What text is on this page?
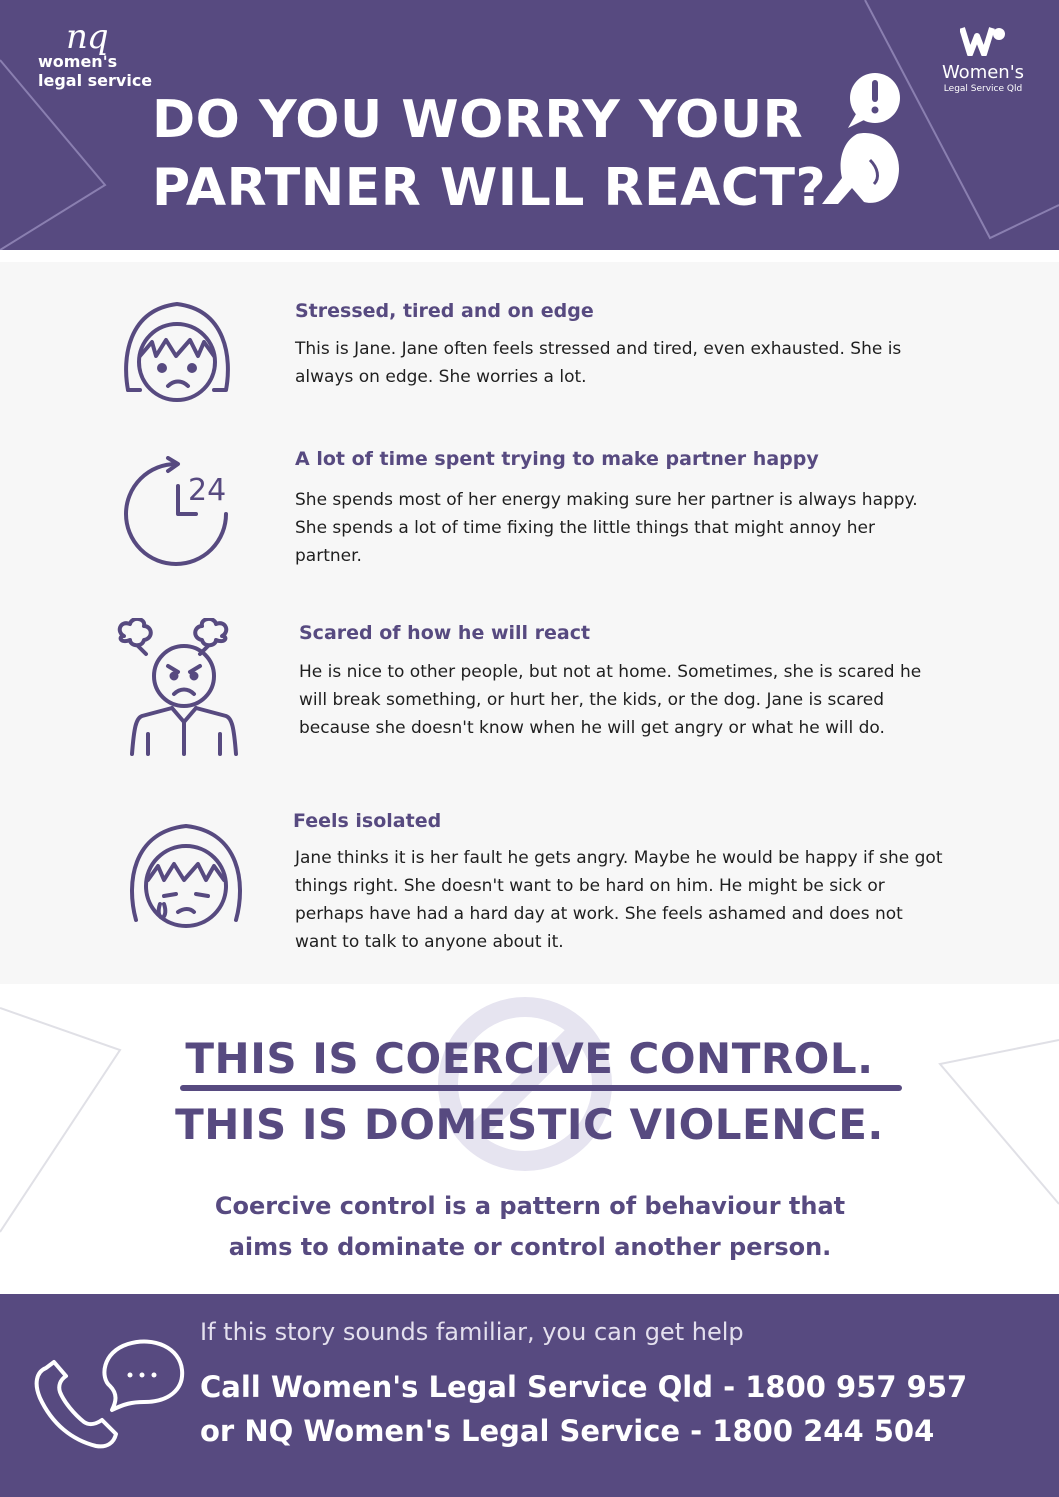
nq
women's
legal service	Women's
Legal Service Qld
DO YOU WORRY YOUR
PARTNER WILL REACT?
Stressed, tired and on edge
This is Jane. Jane often feels stressed and tired, even exhausted. She is always on edge. She worries a lot.
24
A lot of time spent trying to make partner happy
She spends most of her energy making sure her partner is always happy. She spends a lot of time fixing the little things that might annoy her partner.
Scared of how he will react
He is nice to other people, but not at home. Sometimes, she is scared he will break something, or hurt her, the kids, or the dog. Jane is scared because she doesn't know when he will get angry or what he will do.
Feels isolated
Jane thinks it is her fault he gets angry. Maybe he would be happy if she got things right. She doesn't want to be hard on him. He might be sick or perhaps have had a hard day at work. She feels ashamed and does not want to talk to anyone about it.
THIS IS COERCIVE CONTROL.
THIS IS DOMESTIC VIOLENCE.
Coercive control is a pattern of behaviour that aims to dominate or control another person.
If this story sounds familiar, you can get help
Call Women's Legal Service Qld - 1800 957 957
or NQ Women's Legal Service - 1800 244 504
